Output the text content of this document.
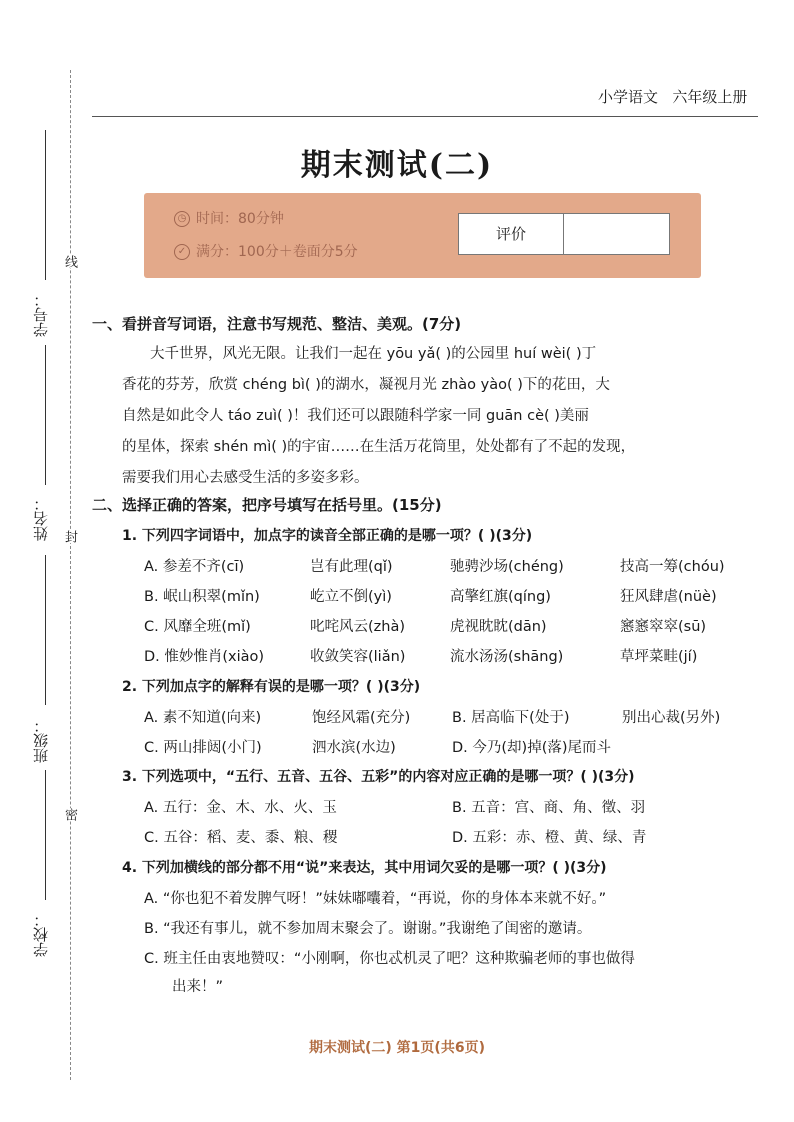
小学语文 六年级上册
期末测试(二)
◷ 时间：80分钟
✓ 满分：100分＋卷面分5分
评价
线
封
密
学号：
姓名：
班级：
学校：
一、看拼音写词语，注意书写规范、整洁、美观。(7分)
大千世界，风光无限。让我们一起在 yōu yǎ( )的公园里 huí wèi( )丁
香花的芬芳，欣赏 chéng bì( )的湖水，凝视月光 zhào yào( )下的花田，大
自然是如此令人 táo zuì( )！我们还可以跟随科学家一同 guān cè( )美丽
的星体，探索 shén mì( )的宇宙……在生活万花筒里，处处都有了不起的发现，
需要我们用心去感受生活的多姿多彩。
二、选择正确的答案，把序号填写在括号里。(15分)
1. 下列四字词语中，加点字的读音全部正确的是哪一项？( )(3分)
A. 参差不齐(cī)	岂有此理(qǐ)	驰骋沙场(chéng)	技高一筹(chóu)
B. 岷山积翠(mǐn)	屹立不倒(yì)	高擎红旗(qíng)	狂风肆虐(nüè)
C. 风靡全班(mǐ)	叱咤风云(zhà)	虎视眈眈(dān)	窸窸窣窣(sū)
D. 惟妙惟肖(xiào)	收敛笑容(liǎn)	流水汤汤(shāng)	草坪菜畦(jí)
2. 下列加点字的解释有误的是哪一项？( )(3分)
A. 素不知道(向来)	饱经风霜(充分)	B. 居高临下(处于)	别出心裁(另外)
C. 两山排闼(小门)	泗水滨(水边)	D. 今乃(却)掉(落)尾而斗
3. 下列选项中，“五行、五音、五谷、五彩”的内容对应正确的是哪一项？( )(3分)
A. 五行：金、木、水、火、玉	B. 五音：宫、商、角、徵、羽
C. 五谷：稻、麦、黍、粮、稷	D. 五彩：赤、橙、黄、绿、青
4. 下列加横线的部分都不用“说”来表达，其中用词欠妥的是哪一项？( )(3分)
A. “你也犯不着发脾气呀！”妹妹嘟囔着，“再说，你的身体本来就不好。”
B. “我还有事儿，就不参加周末聚会了。谢谢。”我谢绝了闺密的邀请。
C. 班主任由衷地赞叹：“小刚啊，你也忒机灵了吧？这种欺骗老师的事也做得
出来！”
期末测试(二) 第1页(共6页)
